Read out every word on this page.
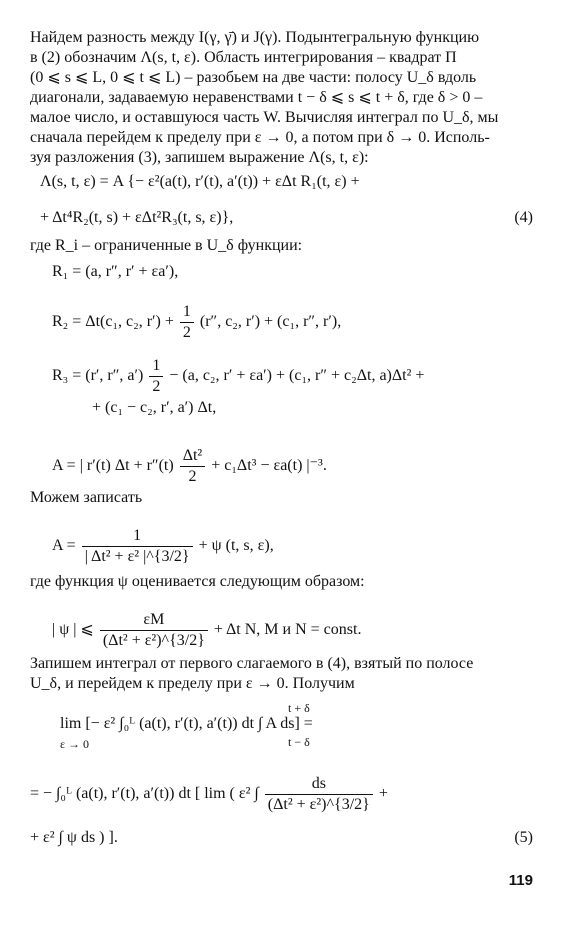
Найдем разность между I(γ, γ̄) и J(γ). Подынтегральную функцию
в (2) обозначим Λ(s, t, ε). Область интегрирования – квадрат П
(0 ⩽ s ⩽ L, 0 ⩽ t ⩽ L) – разобьем на две части: полосу U_δ вдоль
диагонали, задаваемую неравенствами t − δ ⩽ s ⩽ t + δ, где δ > 0 –
малое число, и оставшуюся часть W. Вычисляя интеграл по U_δ, мы
сначала перейдем к пределу при ε → 0, а потом при δ → 0. Исполь-
зуя разложения (3), запишем выражение Λ(s, t, ε):
Λ(s, t, ε) = A {− ε²(a(t), r′(t), a′(t)) + εΔt R₁(t, ε) +
+ Δt⁴R₂(t, s) + εΔt²R₃(t, s, ε)},	(4)
где R_i – ограниченные в U_δ функции:
R₁ = (a, r″, r′ + εa′),
R₂ = Δt(c₁, c₂, $r') + \frac{1}{2} (r''$, c₂, r′) + (c₁, r″, r′),
R₃ = (r′, r″, $a') \frac{1}{2} - (a$, c₂, r′ + εa′) + (c₁, r″ + c₂Δt, a)Δt² +
+ (c₁ − c₂, r′, a′) Δt,
A = | r′(t) $\Delta t + r''(t) \frac{\text{Δt²}}{2} + c_1\Delta t^3 - \varepsilon a(t)$ |⁻³.
Можем записать
$A = \frac{1}{\text{| Δt² + ε² |\textasciicircum{}\{3/2\}}} + \psi$ (t, s, ε),
где функция ψ оценивается следующим образом:
| ψ | ⩽ $\frac{\varepsilon M}{\text{(Δt² + ε²)\textasciicircum{}\{3/2\}}} + \Delta t$ N, M и N = const.
Запишем интеграл от первого слагаемого в (4), взятый по полосе
U_δ, и перейдем к пределу при ε → 0. Получим
lim [− ε² ∫₀ᴸ (a(t), r′(t), a′(t)) dt ∫ A ds] =
ε → 0
t + δ
t − δ
= − ∫₀ᴸ (a(t), r′(t), a′(t)) dt [ lim ( ε² ∫ $\frac{ds}{\text{(Δt² + ε²)\textasciicircum{}\{3/2\}}}$ +
+ ε² ∫ ψ ds ) ].	(5)
119
